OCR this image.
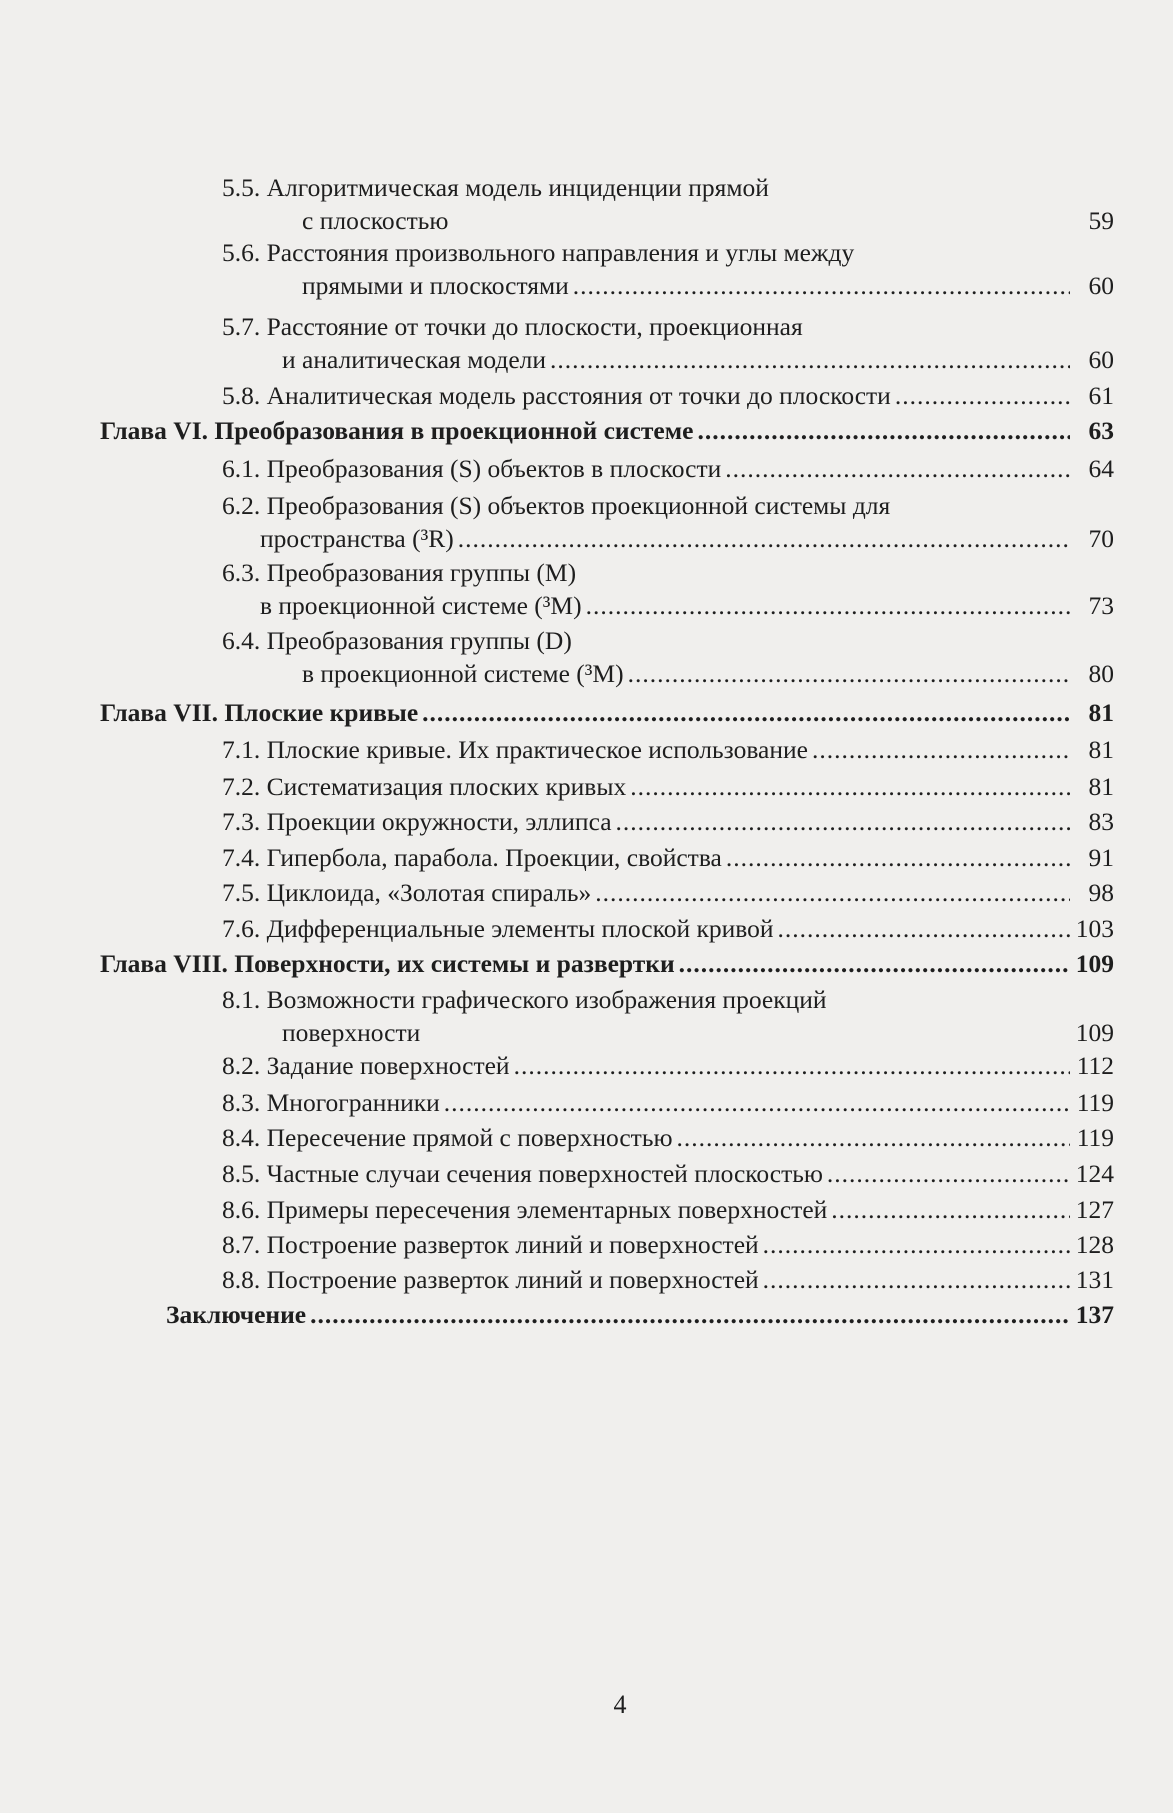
5.5. Алгоритмическая модель инциденции прямой
с плоскостью	59
5.6. Расстояния произвольного направления и углы между
прямыми и плоскостями .....	60
5.7. Расстояние от точки до плоскости, проекционная
и аналитическая модели .....	60
5.8. Аналитическая модель расстояния от точки до плоскости .....	61
Глава VI. Преобразования в проекционной системе .....	63
6.1. Преобразования (S) объектов в плоскости .....	64
6.2. Преобразования (S) объектов проекционной системы для
пространства (³R) .....	70
6.3. Преобразования группы (M)
в проекционной системе (³M) .....	73
6.4. Преобразования группы (D)
в проекционной системе (³M) .....	80
Глава VII. Плоские кривые .....	81
7.1. Плоские кривые. Их практическое использование .....	81
7.2. Систематизация плоских кривых .....	81
7.3. Проекции окружности, эллипса .....	83
7.4. Гипербола, парабола. Проекции, свойства .....	91
7.5. Циклоида, «Золотая спираль» .....	98
7.6. Дифференциальные элементы плоской кривой .....	103
Глава VIII. Поверхности, их системы и развертки .....	109
8.1. Возможности графического изображения проекций
поверхности	109
8.2. Задание поверхностей .....	112
8.3. Многогранники .....	119
8.4. Пересечение прямой с поверхностью .....	119
8.5. Частные случаи сечения поверхностей плоскостью .....	124
8.6. Примеры пересечения элементарных поверхностей .....	127
8.7. Построение разверток линий и поверхностей .....	128
8.8. Построение разверток линий и поверхностей .....	131
Заключение .....	137
4
